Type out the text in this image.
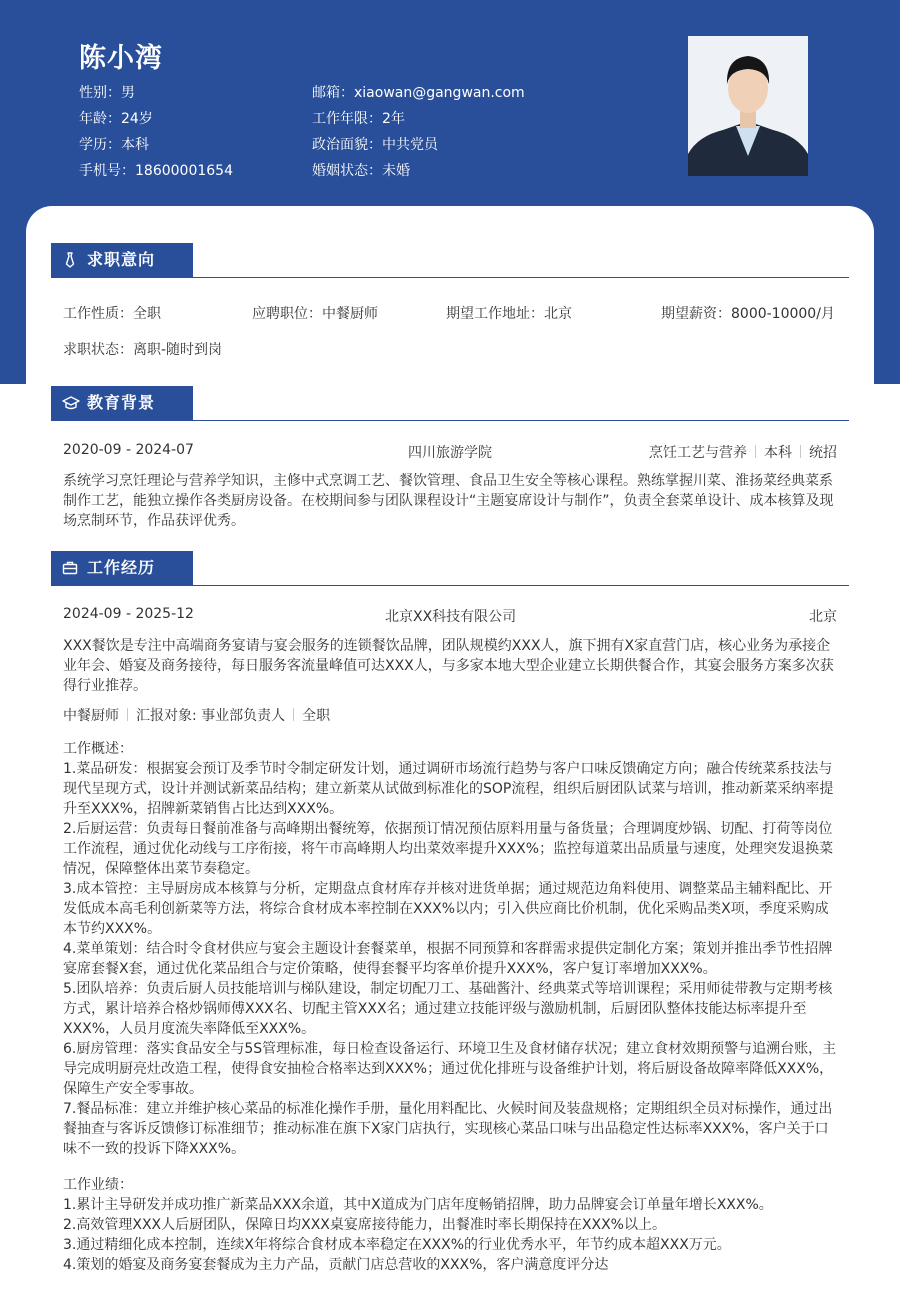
陈小湾
性别：男
年龄：24岁
学历：本科
手机号：18600001654
邮箱：xiaowan@gangwan.com
工作年限：2年
政治面貌：中共党员
婚姻状态：未婚
求职意向
工作性质：全职	应聘职位：中餐厨师	期望工作地址：北京	期望薪资：8000-10000/月
求职状态：离职-随时到岗
教育背景
2020-09 - 2024-07	四川旅游学院	烹饪工艺与营养 本科 统招
系统学习烹饪理论与营养学知识，主修中式烹调工艺、餐饮管理、食品卫生安全等核心课程。熟练掌握川菜、淮扬菜经典菜系制作工艺，能独立操作各类厨房设备。在校期间参与团队课程设计“主题宴席设计与制作”，负责全套菜单设计、成本核算及现场烹制环节，作品获评优秀。
工作经历
2024-09 - 2025-12	北京XX科技有限公司	北京
XXX餐饮是专注中高端商务宴请与宴会服务的连锁餐饮品牌，团队规模约XXX人，旗下拥有X家直营门店，核心业务为承接企业年会、婚宴及商务接待，每日服务客流量峰值可达XXX人，与多家本地大型企业建立长期供餐合作，其宴会服务方案多次获得行业推荐。
中餐厨师 汇报对象: 事业部负责人 全职
工作概述：
1.菜品研发：根据宴会预订及季节时令制定研发计划，通过调研市场流行趋势与客户口味反馈确定方向；融合传统菜系技法与
现代呈现方式，设计并测试新菜品结构；建立新菜从试做到标准化的SOP流程，组织后厨团队试菜与培训，推动新菜采纳率提
升至XXX%，招牌新菜销售占比达到XXX%。
2.后厨运营：负责每日餐前准备与高峰期出餐统筹，依据预订情况预估原料用量与备货量；合理调度炒锅、切配、打荷等岗位
工作流程，通过优化动线与工序衔接，将午市高峰期人均出菜效率提升XXX%；监控每道菜出品质量与速度，处理突发退换菜
情况，保障整体出菜节奏稳定。
3.成本管控：主导厨房成本核算与分析，定期盘点食材库存并核对进货单据；通过规范边角料使用、调整菜品主辅料配比、开
发低成本高毛利创新菜等方法，将综合食材成本率控制在XXX%以内；引入供应商比价机制，优化采购品类X项，季度采购成
本节约XXX%。
4.菜单策划：结合时令食材供应与宴会主题设计套餐菜单，根据不同预算和客群需求提供定制化方案；策划并推出季节性招牌
宴席套餐X套，通过优化菜品组合与定价策略，使得套餐平均客单价提升XXX%，客户复订率增加XXX%。
5.团队培养：负责后厨人员技能培训与梯队建设，制定切配刀工、基础酱汁、经典菜式等培训课程；采用师徒带教与定期考核
方式，累计培养合格炒锅师傅XXX名、切配主管XXX名；通过建立技能评级与激励机制，后厨团队整体技能达标率提升至
XXX%，人员月度流失率降低至XXX%。
6.厨房管理：落实食品安全与5S管理标准，每日检查设备运行、环境卫生及食材储存状况；建立食材效期预警与追溯台账，主
导完成明厨亮灶改造工程，使得食安抽检合格率达到XXX%；通过优化排班与设备维护计划，将后厨设备故障率降低XXX%，
保障生产安全零事故。
7.餐品标准：建立并维护核心菜品的标准化操作手册，量化用料配比、火候时间及装盘规格；定期组织全员对标操作，通过出
餐抽查与客诉反馈修订标准细节；推动标准在旗下X家门店执行，实现核心菜品口味与出品稳定性达标率XXX%，客户关于口
味不一致的投诉下降XXX%。
工作业绩：
1.累计主导研发并成功推广新菜品XXX余道，其中X道成为门店年度畅销招牌，助力品牌宴会订单量年增长XXX%。
2.高效管理XXX人后厨团队，保障日均XXX桌宴席接待能力，出餐准时率长期保持在XXX%以上。
3.通过精细化成本控制，连续X年将综合食材成本率稳定在XXX%的行业优秀水平，年节约成本超XXX万元。
4.策划的婚宴及商务宴套餐成为主力产品，贡献门店总营收的XXX%，客户满意度评分达
